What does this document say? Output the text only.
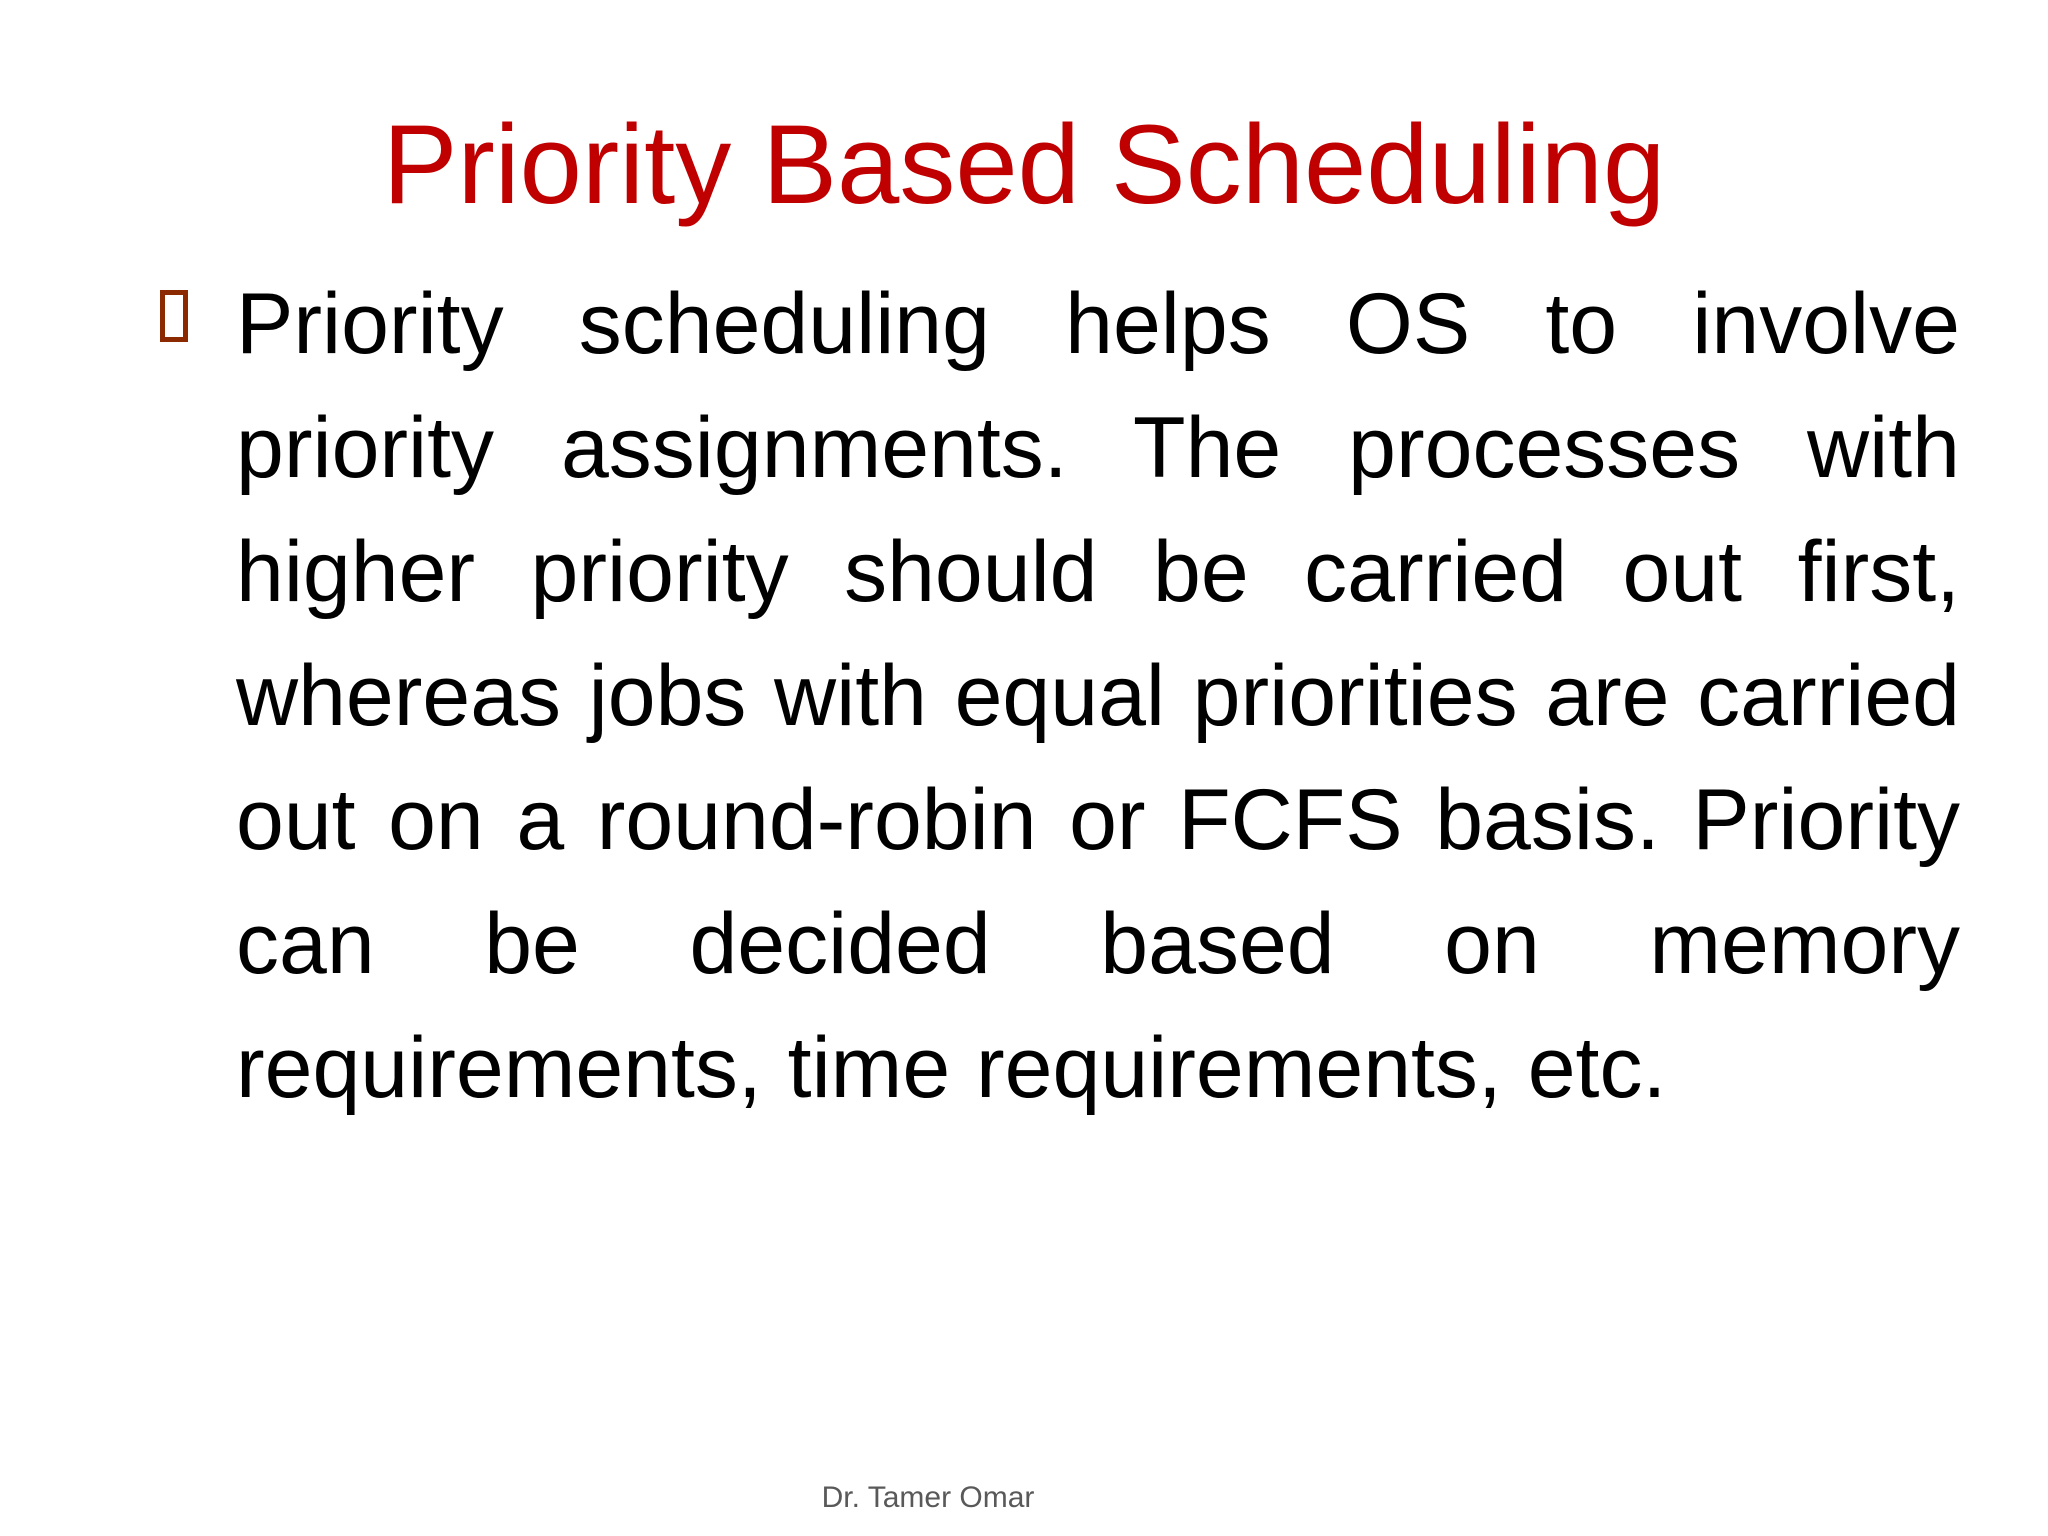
Priority Based Scheduling
Priority scheduling helps OS to involve priority assignments. The processes with higher priority should be carried out first, whereas jobs with equal priorities are carried out on a round-robin or FCFS basis. Priority can be decided based on memory requirements, time requirements, etc.
Dr. Tamer Omar
